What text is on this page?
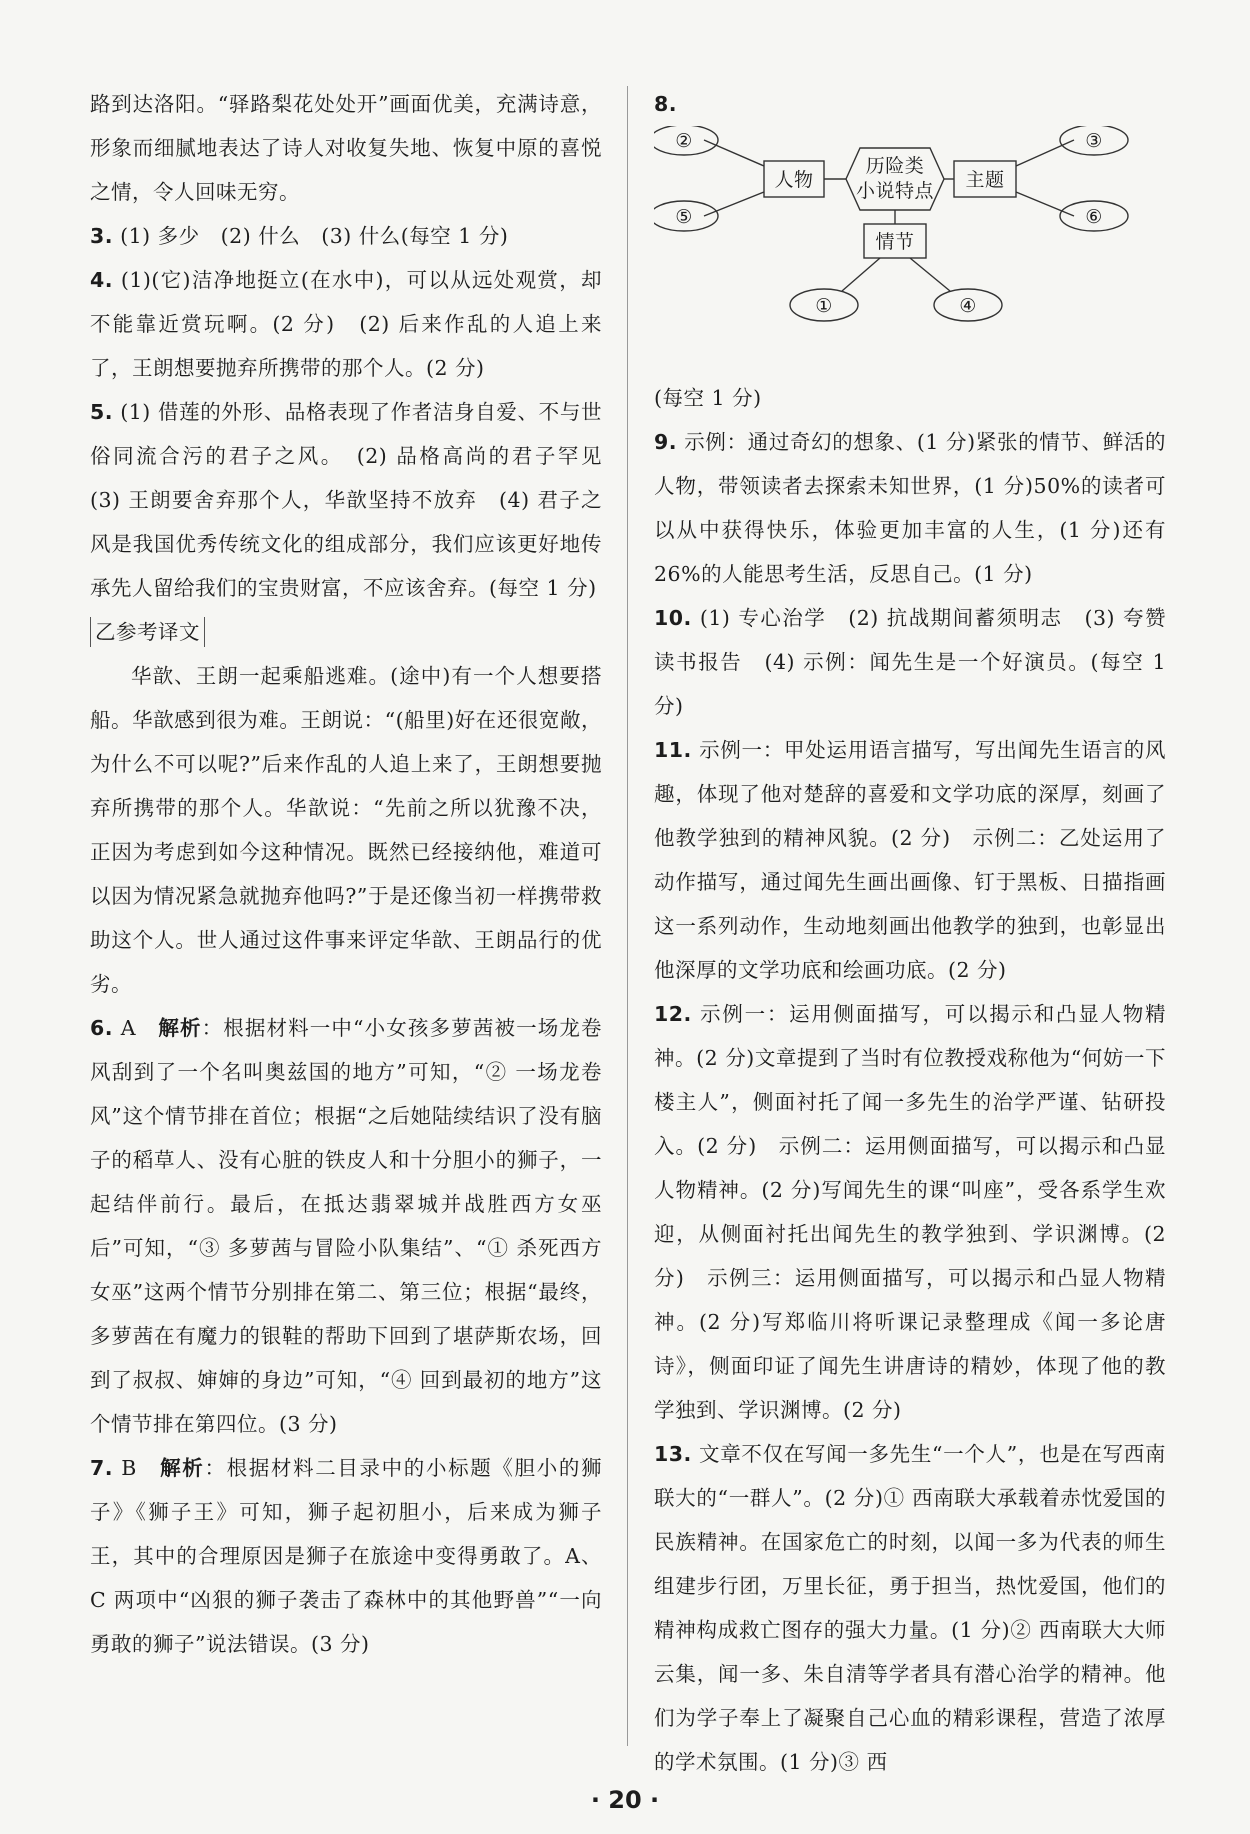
路到达洛阳。“驿路梨花处处开”画面优美，充满诗意，形象而细腻地表达了诗人对收复失地、恢复中原的喜悦之情，令人回味无穷。

3. (1) 多少　(2) 什么　(3) 什么(每空 1 分)

4. (1)(它)洁净地挺立(在水中)，可以从远处观赏，却不能靠近赏玩啊。(2 分)　(2) 后来作乱的人追上来了，王朗想要抛弃所携带的那个人。(2 分)

5. (1) 借莲的外形、品格表现了作者洁身自爱、不与世俗同流合污的君子之风。　(2) 品格高尚的君子罕见　(3) 王朗要舍弃那个人，华歆坚持不放弃　(4) 君子之风是我国优秀传统文化的组成部分，我们应该更好地传承先人留给我们的宝贵财富，不应该舍弃。(每空 1 分)

乙参考译文

华歆、王朗一起乘船逃难。(途中)有一个人想要搭船。华歆感到很为难。王朗说：“(船里)好在还很宽敞，为什么不可以呢?”后来作乱的人追上来了，王朗想要抛弃所携带的那个人。华歆说：“先前之所以犹豫不决，正因为考虑到如今这种情况。既然已经接纳他，难道可以因为情况紧急就抛弃他吗?”于是还像当初一样携带救助这个人。世人通过这件事来评定华歆、王朗品行的优劣。

6. A　 解析：根据材料一中“小女孩多萝茜被一场龙卷风刮到了一个名叫奥兹国的地方”可知，“② 一场龙卷风”这个情节排在首位；根据“之后她陆续结识了没有脑子的稻草人、没有心脏的铁皮人和十分胆小的狮子，一起结伴前行。最后，在抵达翡翠城并战胜西方女巫后”可知，“③ 多萝茜与冒险小队集结”、“① 杀死西方女巫”这两个情节分别排在第二、第三位；根据“最终，多萝茜在有魔力的银鞋的帮助下回到了堪萨斯农场，回到了叔叔、婶婶的身边”可知，“④ 回到最初的地方”这个情节排在第四位。(3 分)

7. B　 解析：根据材料二目录中的小标题《胆小的狮子》《狮子王》可知，狮子起初胆小，后来成为狮子王，其中的合理原因是狮子在旅途中变得勇敢了。A、C 两项中“凶狠的狮子袭击了森林中的其他野兽”“一向勇敢的狮子”说法错误。(3 分)

8.

历险类
小说特点
人物	主题
情节
②
⑤
③
⑥
①	④

(每空 1 分)

9. 示例：通过奇幻的想象、(1 分)紧张的情节、鲜活的人物，带领读者去探索未知世界，(1 分)50%的读者可以从中获得快乐，体验更加丰富的人生，(1 分)还有 26%的人能思考生活，反思自己。(1 分)

10. (1) 专心治学　(2) 抗战期间蓄须明志　(3) 夸赞读书报告　(4) 示例：闻先生是一个好演员。(每空 1 分)

11. 示例一：甲处运用语言描写，写出闻先生语言的风趣，体现了他对楚辞的喜爱和文学功底的深厚，刻画了他教学独到的精神风貌。(2 分)　示例二：乙处运用了动作描写，通过闻先生画出画像、钉于黑板、日描指画这一系列动作，生动地刻画出他教学的独到，也彰显出他深厚的文学功底和绘画功底。(2 分)

12. 示例一：运用侧面描写，可以揭示和凸显人物精神。(2 分)文章提到了当时有位教授戏称他为“何妨一下楼主人”，侧面衬托了闻一多先生的治学严谨、钻研投入。(2 分)　示例二：运用侧面描写，可以揭示和凸显人物精神。(2 分)写闻先生的课“叫座”，受各系学生欢迎，从侧面衬托出闻先生的教学独到、学识渊博。(2 分)　示例三：运用侧面描写，可以揭示和凸显人物精神。(2 分)写郑临川将听课记录整理成《闻一多论唐诗》，侧面印证了闻先生讲唐诗的精妙，体现了他的教学独到、学识渊博。(2 分)

13. 文章不仅在写闻一多先生“一个人”，也是在写西南联大的“一群人”。(2 分)① 西南联大承载着赤忱爱国的民族精神。在国家危亡的时刻，以闻一多为代表的师生组建步行团，万里长征，勇于担当，热忱爱国，他们的精神构成救亡图存的强大力量。(1 分)② 西南联大大师云集，闻一多、朱自清等学者具有潜心治学的精神。他们为学子奉上了凝聚自己心血的精彩课程，营造了浓厚的学术氛围。(1 分)③ 西

· 20 ·
